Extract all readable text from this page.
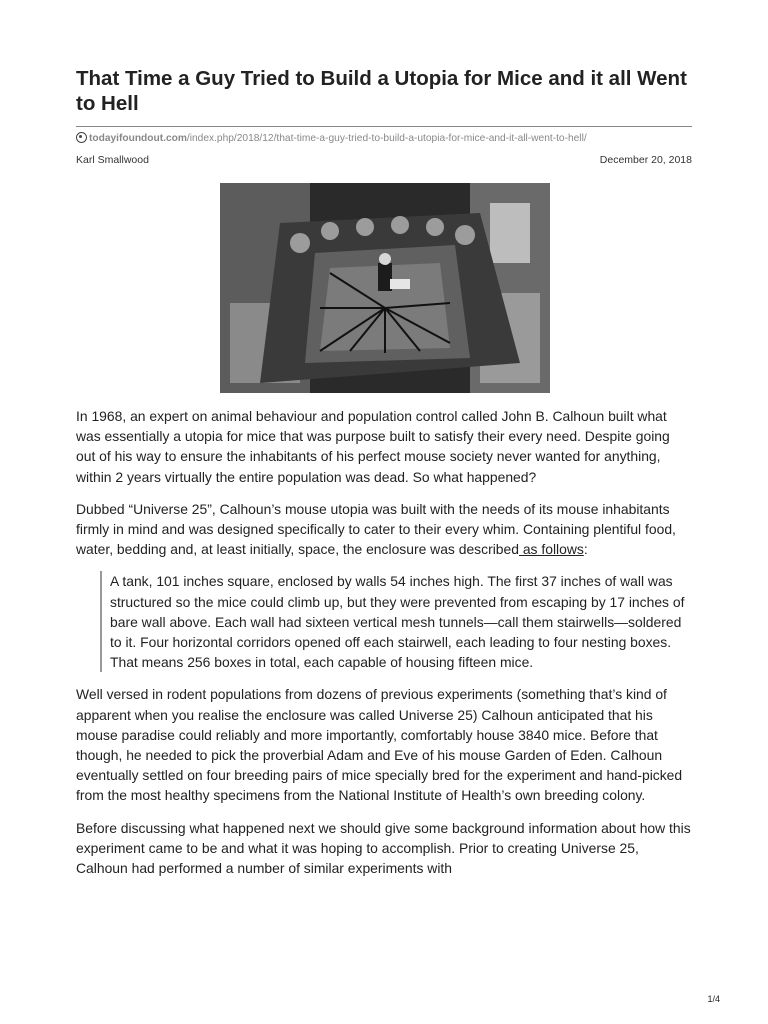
That Time a Guy Tried to Build a Utopia for Mice and it all Went to Hell
todayifoundout.com/index.php/2018/12/that-time-a-guy-tried-to-build-a-utopia-for-mice-and-it-all-went-to-hell/
Karl Smallwood	December 20, 2018

In 1968, an expert on animal behaviour and population control called John B. Calhoun built what was essentially a utopia for mice that was purpose built to satisfy their every need. Despite going out of his way to ensure the inhabitants of his perfect mouse society never wanted for anything, within 2 years virtually the entire population was dead. So what happened?

Dubbed “Universe 25”, Calhoun’s mouse utopia was built with the needs of its mouse inhabitants firmly in mind and was designed specifically to cater to their every whim. Containing plentiful food, water, bedding and, at least initially, space, the enclosure was described as follows:

A tank, 101 inches square, enclosed by walls 54 inches high. The first 37 inches of wall was structured so the mice could climb up, but they were prevented from escaping by 17 inches of bare wall above. Each wall had sixteen vertical mesh tunnels—call them stairwells—soldered to it. Four horizontal corridors opened off each stairwell, each leading to four nesting boxes. That means 256 boxes in total, each capable of housing fifteen mice.

Well versed in rodent populations from dozens of previous experiments (something that’s kind of apparent when you realise the enclosure was called Universe 25) Calhoun anticipated that his mouse paradise could reliably and more importantly, comfortably house 3840 mice. Before that though, he needed to pick the proverbial Adam and Eve of his mouse Garden of Eden. Calhoun eventually settled on four breeding pairs of mice specially bred for the experiment and hand-picked from the most healthy specimens from the National Institute of Health’s own breeding colony.

Before discussing what happened next we should give some background information about how this experiment came to be and what it was hoping to accomplish. Prior to creating Universe 25, Calhoun had performed a number of similar experiments with

1/4
